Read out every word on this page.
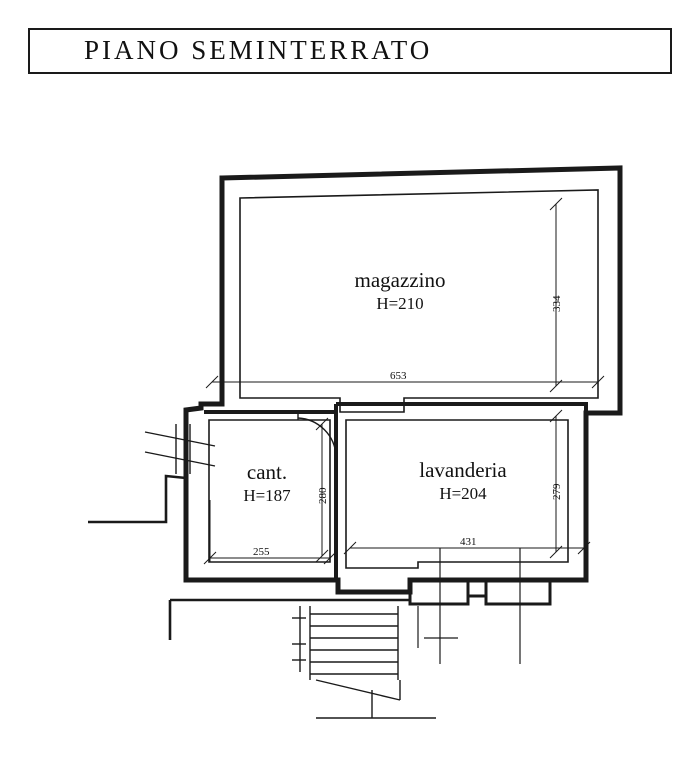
PIANO SEMINTERRATO
magazzino
H=210
cant.
H=187
lavanderia
H=204
653
334
255
280
431
279
